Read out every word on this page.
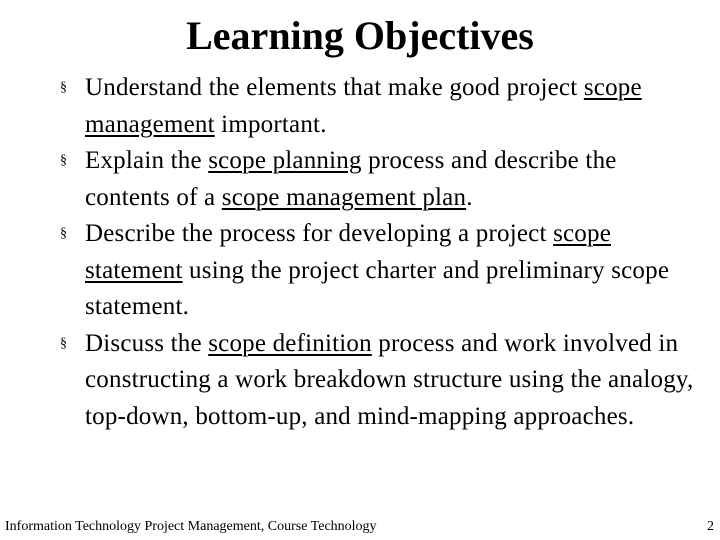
Learning Objectives
§ Understand the elements that make good project scope management important.
§ Explain the scope planning process and describe the contents of a scope management plan.
§ Describe the process for developing a project scope statement using the project charter and preliminary scope statement.
§ Discuss the scope definition process and work involved in constructing a work breakdown structure using the analogy, top-down, bottom-up, and mind-mapping approaches.
Information Technology Project Management, Course Technology	2
